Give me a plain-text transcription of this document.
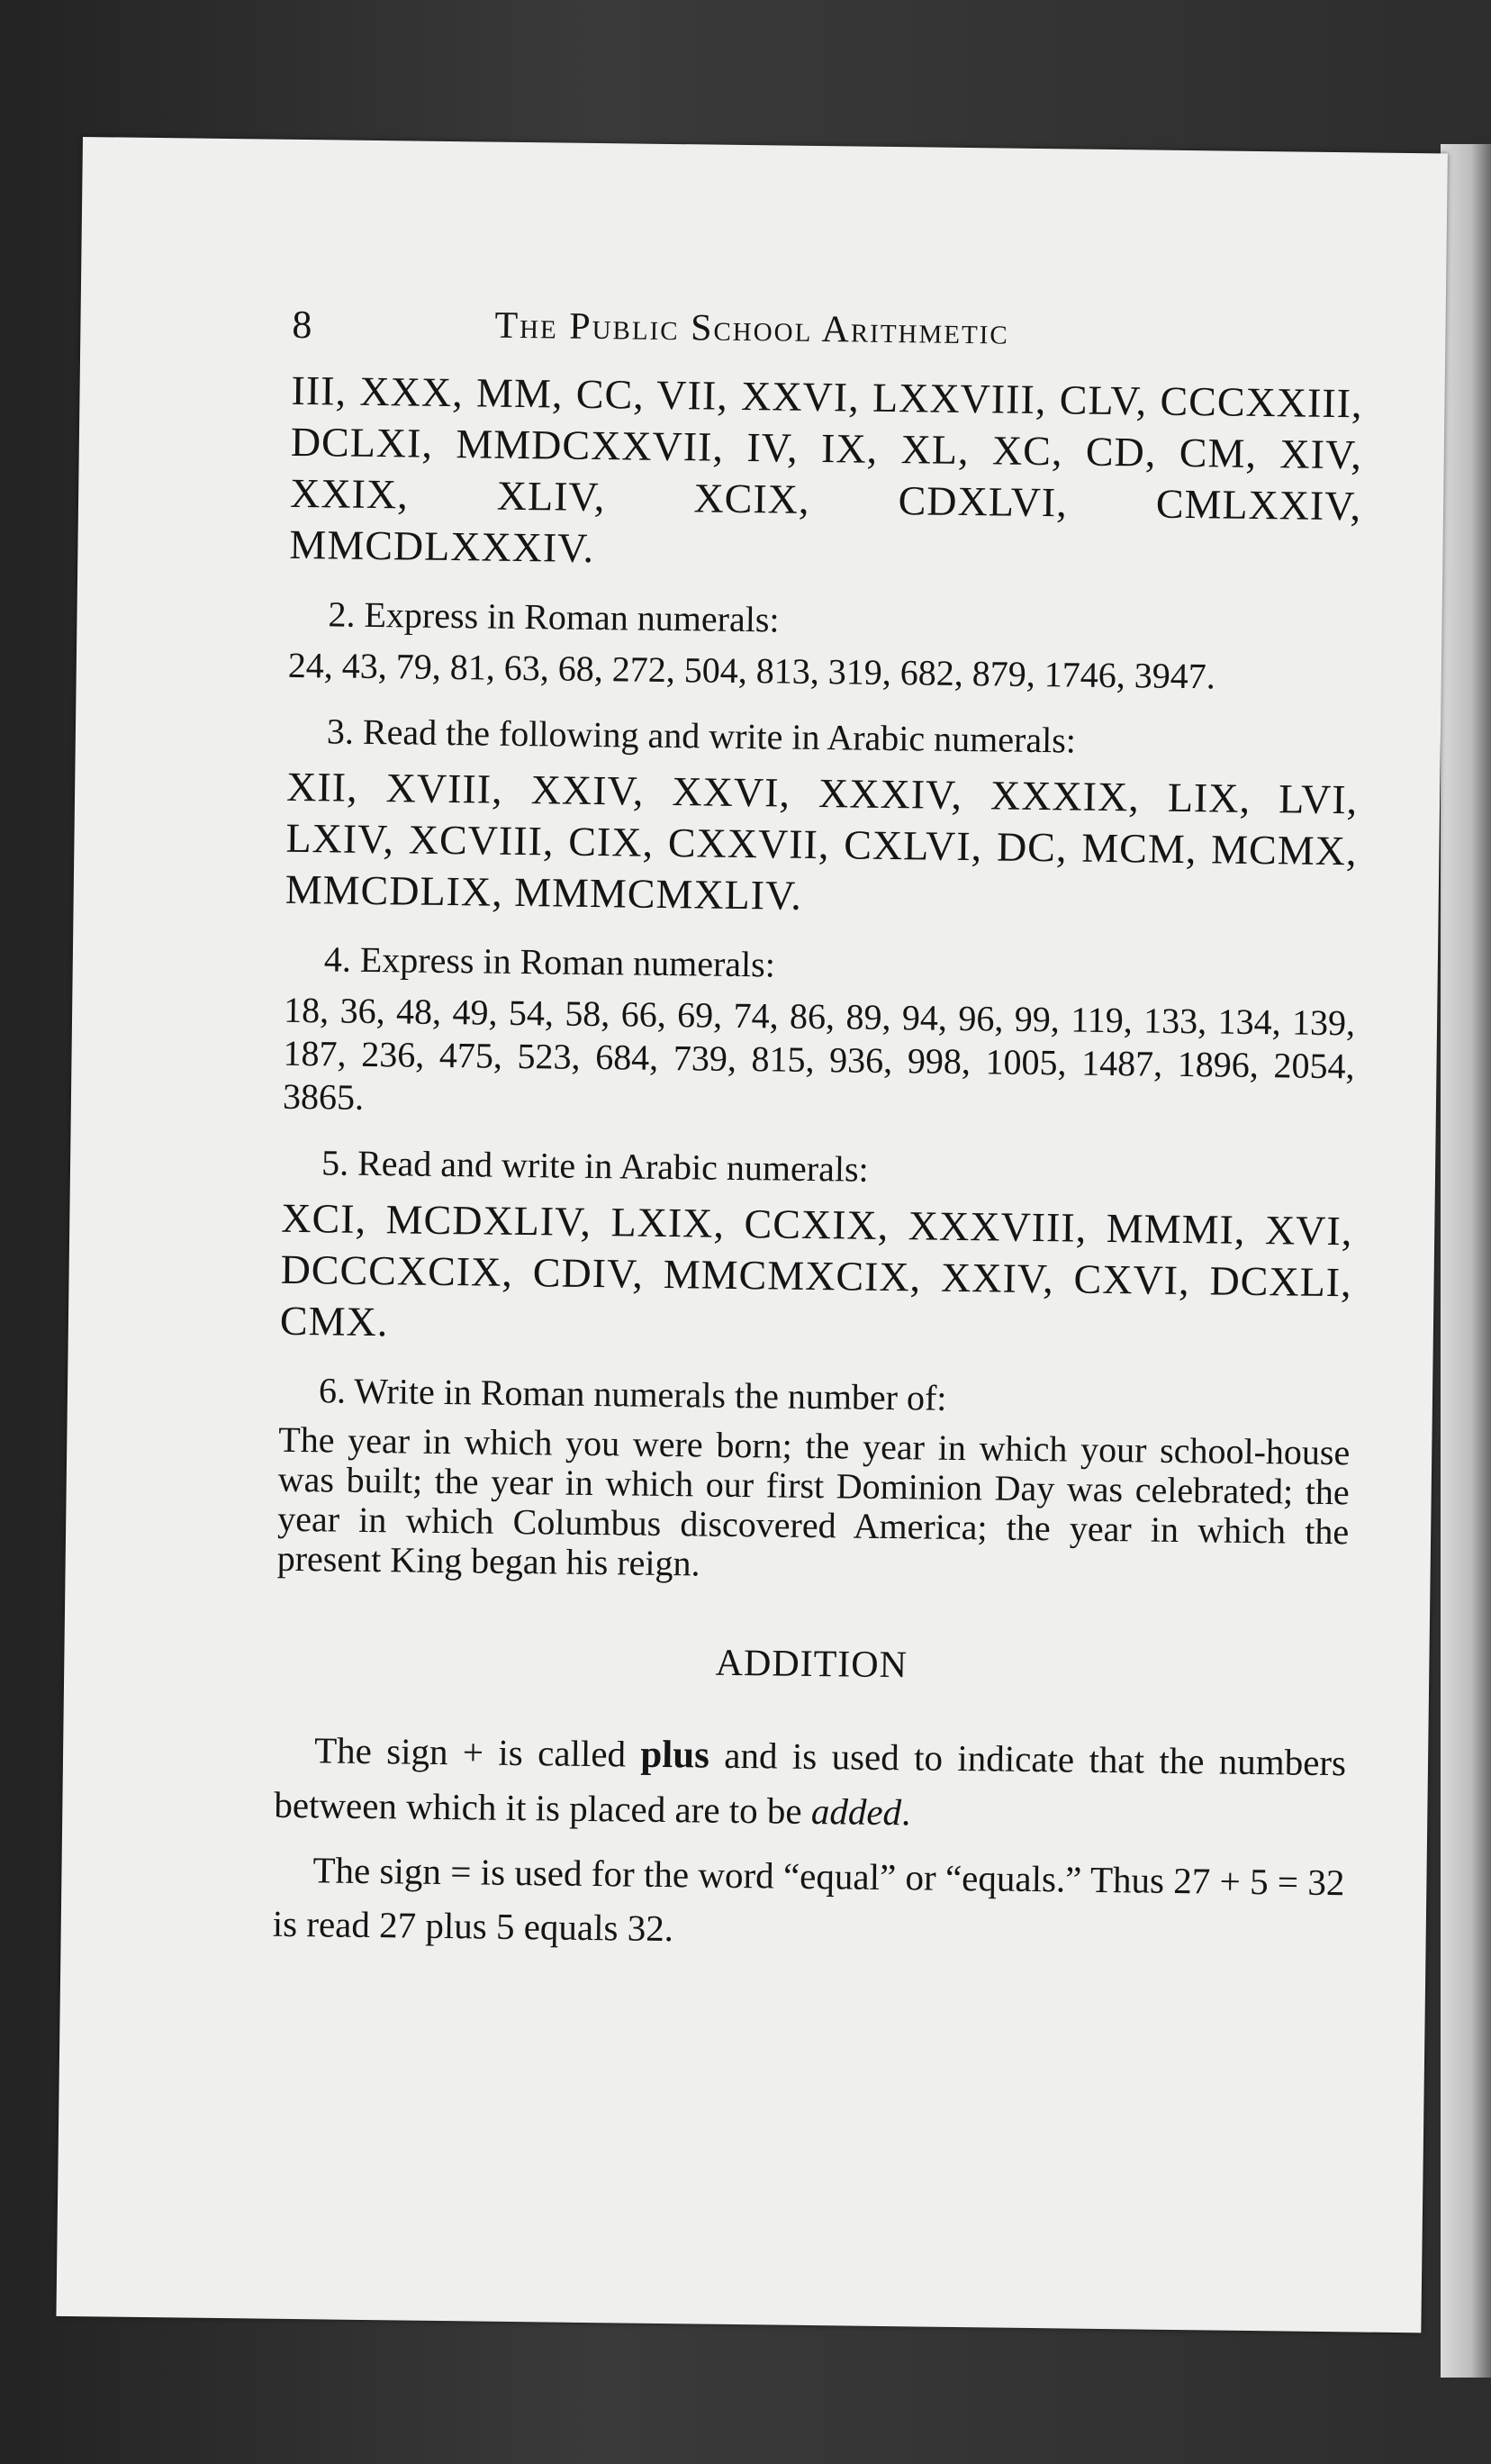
8	The Public School Arithmetic

III, XXX, MM, CC, VII, XXVI, LXXVIII, CLV, CCCXXIII, DCLXI, MMDCXXVII, IV, IX, XL, XC, CD, CM, XIV, XXIX, XLIV, XCIX, CDXLVI, CMLXXIV, MMCDLXXXIV.

2. Express in Roman numerals:

24, 43, 79, 81, 63, 68, 272, 504, 813, 319, 682, 879, 1746, 3947.

3. Read the following and write in Arabic numerals:

XII, XVIII, XXIV, XXVI, XXXIV, XXXIX, LIX, LVI, LXIV, XCVIII, CIX, CXXVII, CXLVI, DC, MCM, MCMX, MMCDLIX, MMMCMXLIV.

4. Express in Roman numerals:

18, 36, 48, 49, 54, 58, 66, 69, 74, 86, 89, 94, 96, 99, 119, 133, 134, 139, 187, 236, 475, 523, 684, 739, 815, 936, 998, 1005, 1487, 1896, 2054, 3865.

5. Read and write in Arabic numerals:

XCI, MCDXLIV, LXIX, CCXIX, XXXVIII, MMMI, XVI, DCCCXCIX, CDIV, MMCMXCIX, XXIV, CXVI, DCXLI, CMX.

6. Write in Roman numerals the number of:

The year in which you were born; the year in which your school-house was built; the year in which our first Dominion Day was celebrated; the year in which Columbus discovered America; the year in which the present King began his reign.

ADDITION

The sign + is called plus and is used to indicate that the numbers between which it is placed are to be added.

The sign = is used for the word “equal” or “equals.” Thus 27 + 5 = 32 is read 27 plus 5 equals 32.
